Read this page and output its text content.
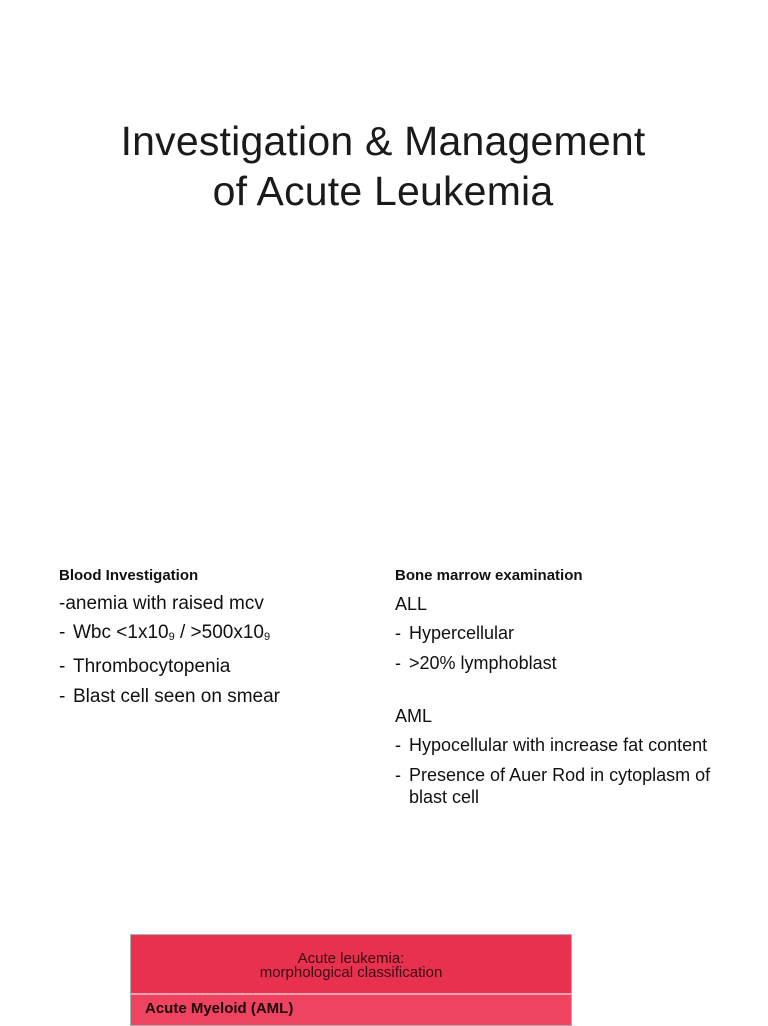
Investigation & Management
of Acute Leukemia
Blood Investigation
-anemia with raised mcv
- Wbc $<1x10_9 / >500x10_9$
- Thrombocytopenia
- Blast cell seen on smear
Bone marrow examination
ALL
- Hypercellular
- >20% lymphoblast
AML
- Hypocellular with increase fat content
- Presence of Auer Rod in cytoplasm of blast cell
Acute leukemia:
morphological classification
Acute Myeloid (AML)
